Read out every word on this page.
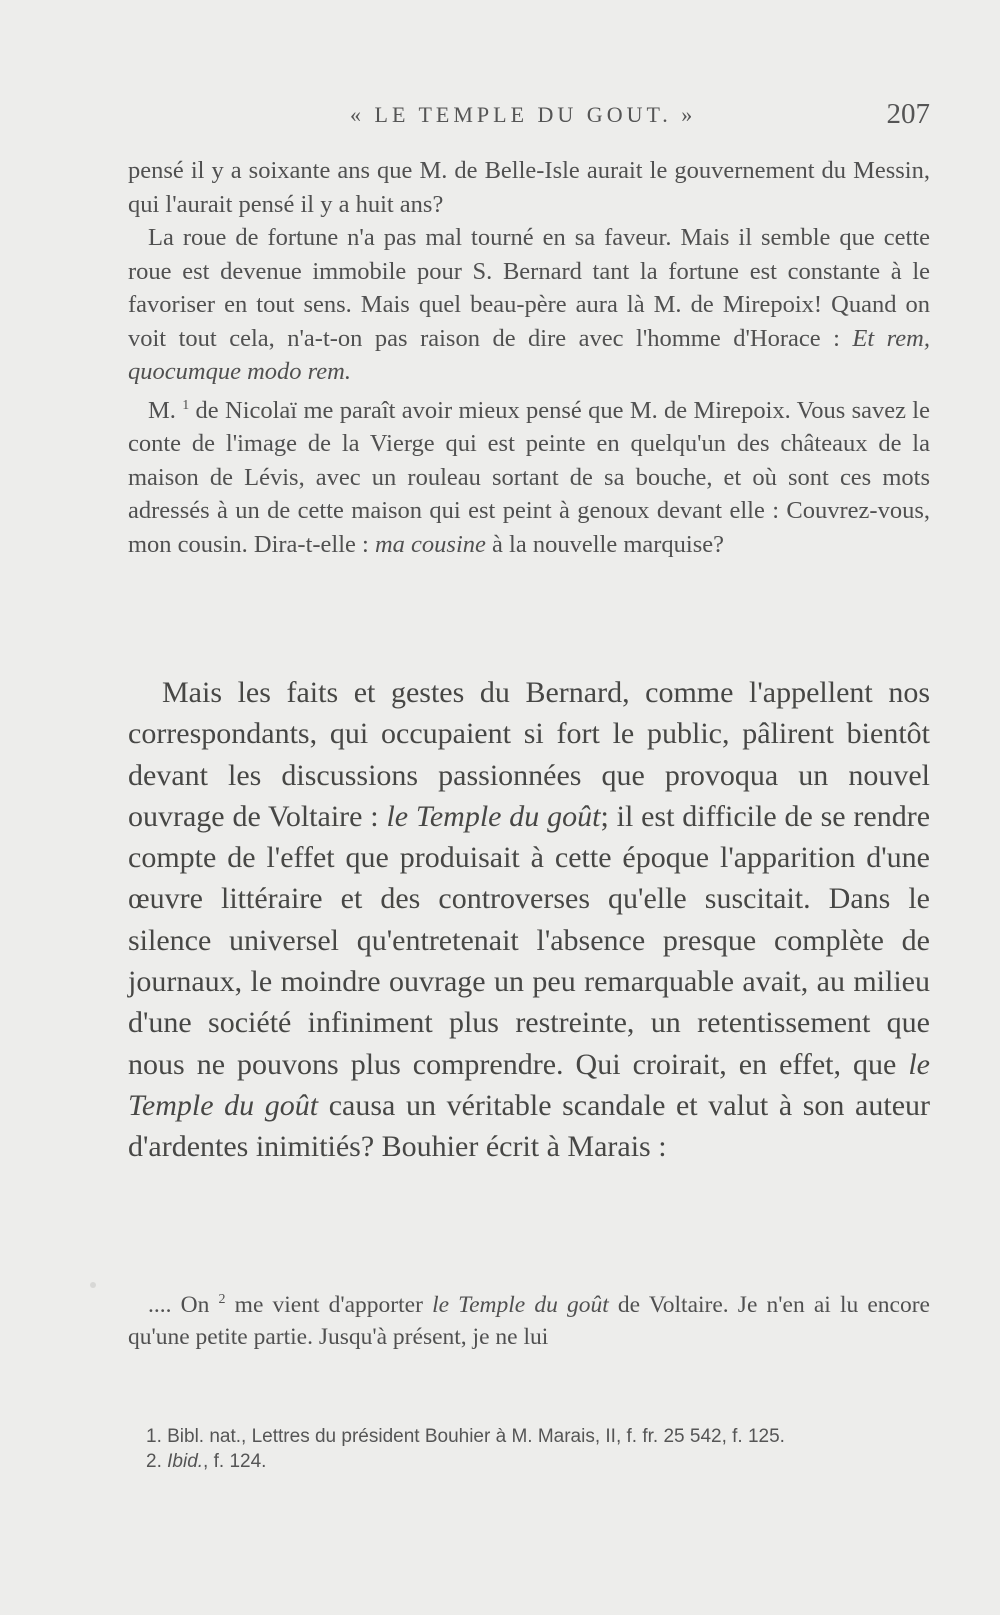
« LE TEMPLE DU GOUT. »	207

pensé il y a soixante ans que M. de Belle-Isle aurait le gouvernement du Messin, qui l'aurait pensé il y a huit ans?

La roue de fortune n'a pas mal tourné en sa faveur. Mais il semble que cette roue est devenue immobile pour S. Bernard tant la fortune est constante à le favoriser en tout sens. Mais quel beau-père aura là M. de Mirepoix! Quand on voit tout cela, n'a-t-on pas raison de dire avec l'homme d'Horace : Et rem, quocumque modo rem.

M. $^1$ de Nicolaï me paraît avoir mieux pensé que M. de Mirepoix. Vous savez le conte de l'image de la Vierge qui est peinte en quelqu'un des châteaux de la maison de Lévis, avec un rouleau sortant de sa bouche, et où sont ces mots adressés à un de cette maison qui est peint à genoux devant elle : Couvrez-vous, mon cousin. Dira-t-elle : ma cousine à la nouvelle marquise?

Mais les faits et gestes du Bernard, comme l'appellent nos correspondants, qui occupaient si fort le public, pâlirent bientôt devant les discussions passionnées que provoqua un nouvel ouvrage de Voltaire : le Temple du goût; il est difficile de se rendre compte de l'effet que produisait à cette époque l'apparition d'une œuvre littéraire et des controverses qu'elle suscitait. Dans le silence universel qu'entretenait l'absence presque complète de journaux, le moindre ouvrage un peu remarquable avait, au milieu d'une société infiniment plus restreinte, un retentissement que nous ne pouvons plus comprendre. Qui croirait, en effet, que le Temple du goût causa un véritable scandale et valut à son auteur d'ardentes inimitiés? Bouhier écrit à Marais :

.... On $^2$ me vient d'apporter le Temple du goût de Voltaire. Je n'en ai lu encore qu'une petite partie. Jusqu'à présent, je ne lui

1. Bibl. nat., Lettres du président Bouhier à M. Marais, II, f. fr. 25 542, f. 125.

2. Ibid., f. 124.
